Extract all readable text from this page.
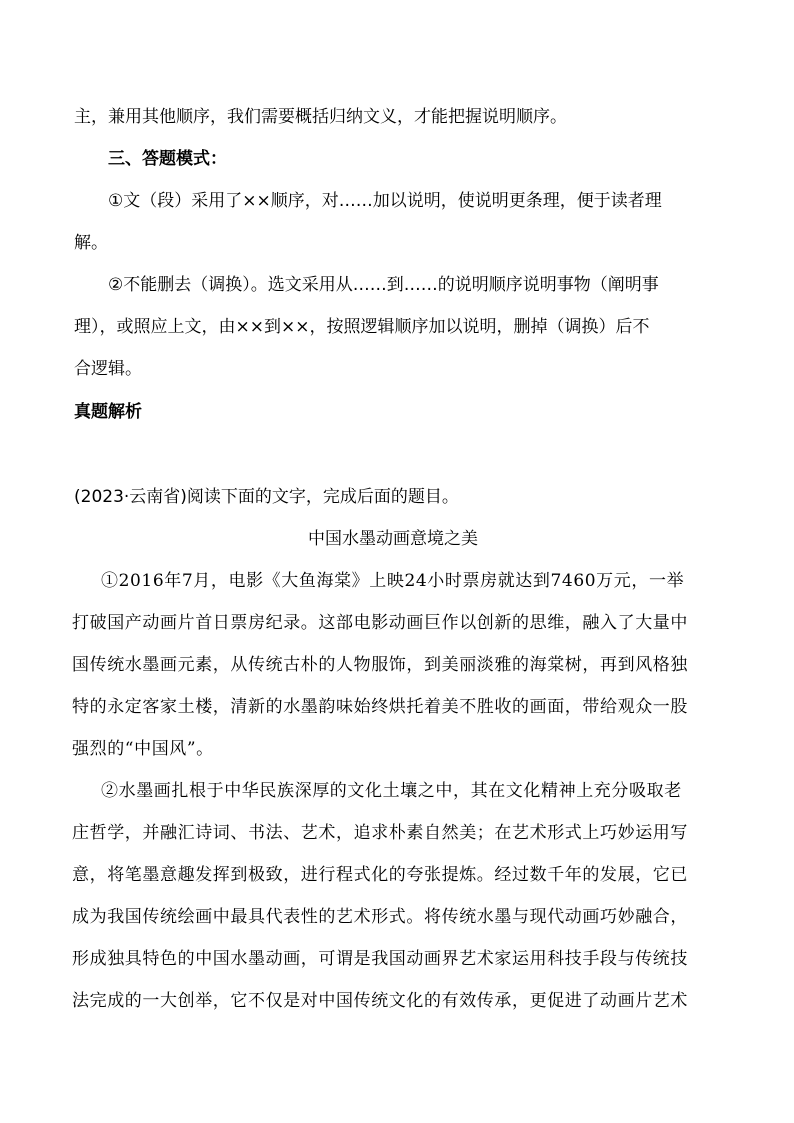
主，兼用其他顺序，我们需要概括归纳文义，才能把握说明顺序。
三、答题模式：
①文（段）采用了××顺序，对……加以说明，使说明更条理，便于读者理
解。
②不能删去（调换）。选文采用从……到……的说明顺序说明事物（阐明事
理），或照应上文，由××到××，按照逻辑顺序加以说明，删掉（调换）后不
合逻辑。
真题解析
(2023·云南省)阅读下面的文字，完成后面的题目。
中国水墨动画意境之美
①2016年7月，电影《大鱼海棠》上映24小时票房就达到7460万元，一举
打破国产动画片首日票房纪录。这部电影动画巨作以创新的思维，融入了大量中
国传统水墨画元素，从传统古朴的人物服饰，到美丽淡雅的海棠树，再到风格独
特的永定客家土楼，清新的水墨韵味始终烘托着美不胜收的画面，带给观众一股
强烈的“中国风”。
②水墨画扎根于中华民族深厚的文化土壤之中，其在文化精神上充分吸取老
庄哲学，并融汇诗词、书法、艺术，追求朴素自然美；在艺术形式上巧妙运用写
意，将笔墨意趣发挥到极致，进行程式化的夸张提炼。经过数千年的发展，它已
成为我国传统绘画中最具代表性的艺术形式。将传统水墨与现代动画巧妙融合，
形成独具特色的中国水墨动画，可谓是我国动画界艺术家运用科技手段与传统技
法完成的一大创举，它不仅是对中国传统文化的有效传承，更促进了动画片艺术
